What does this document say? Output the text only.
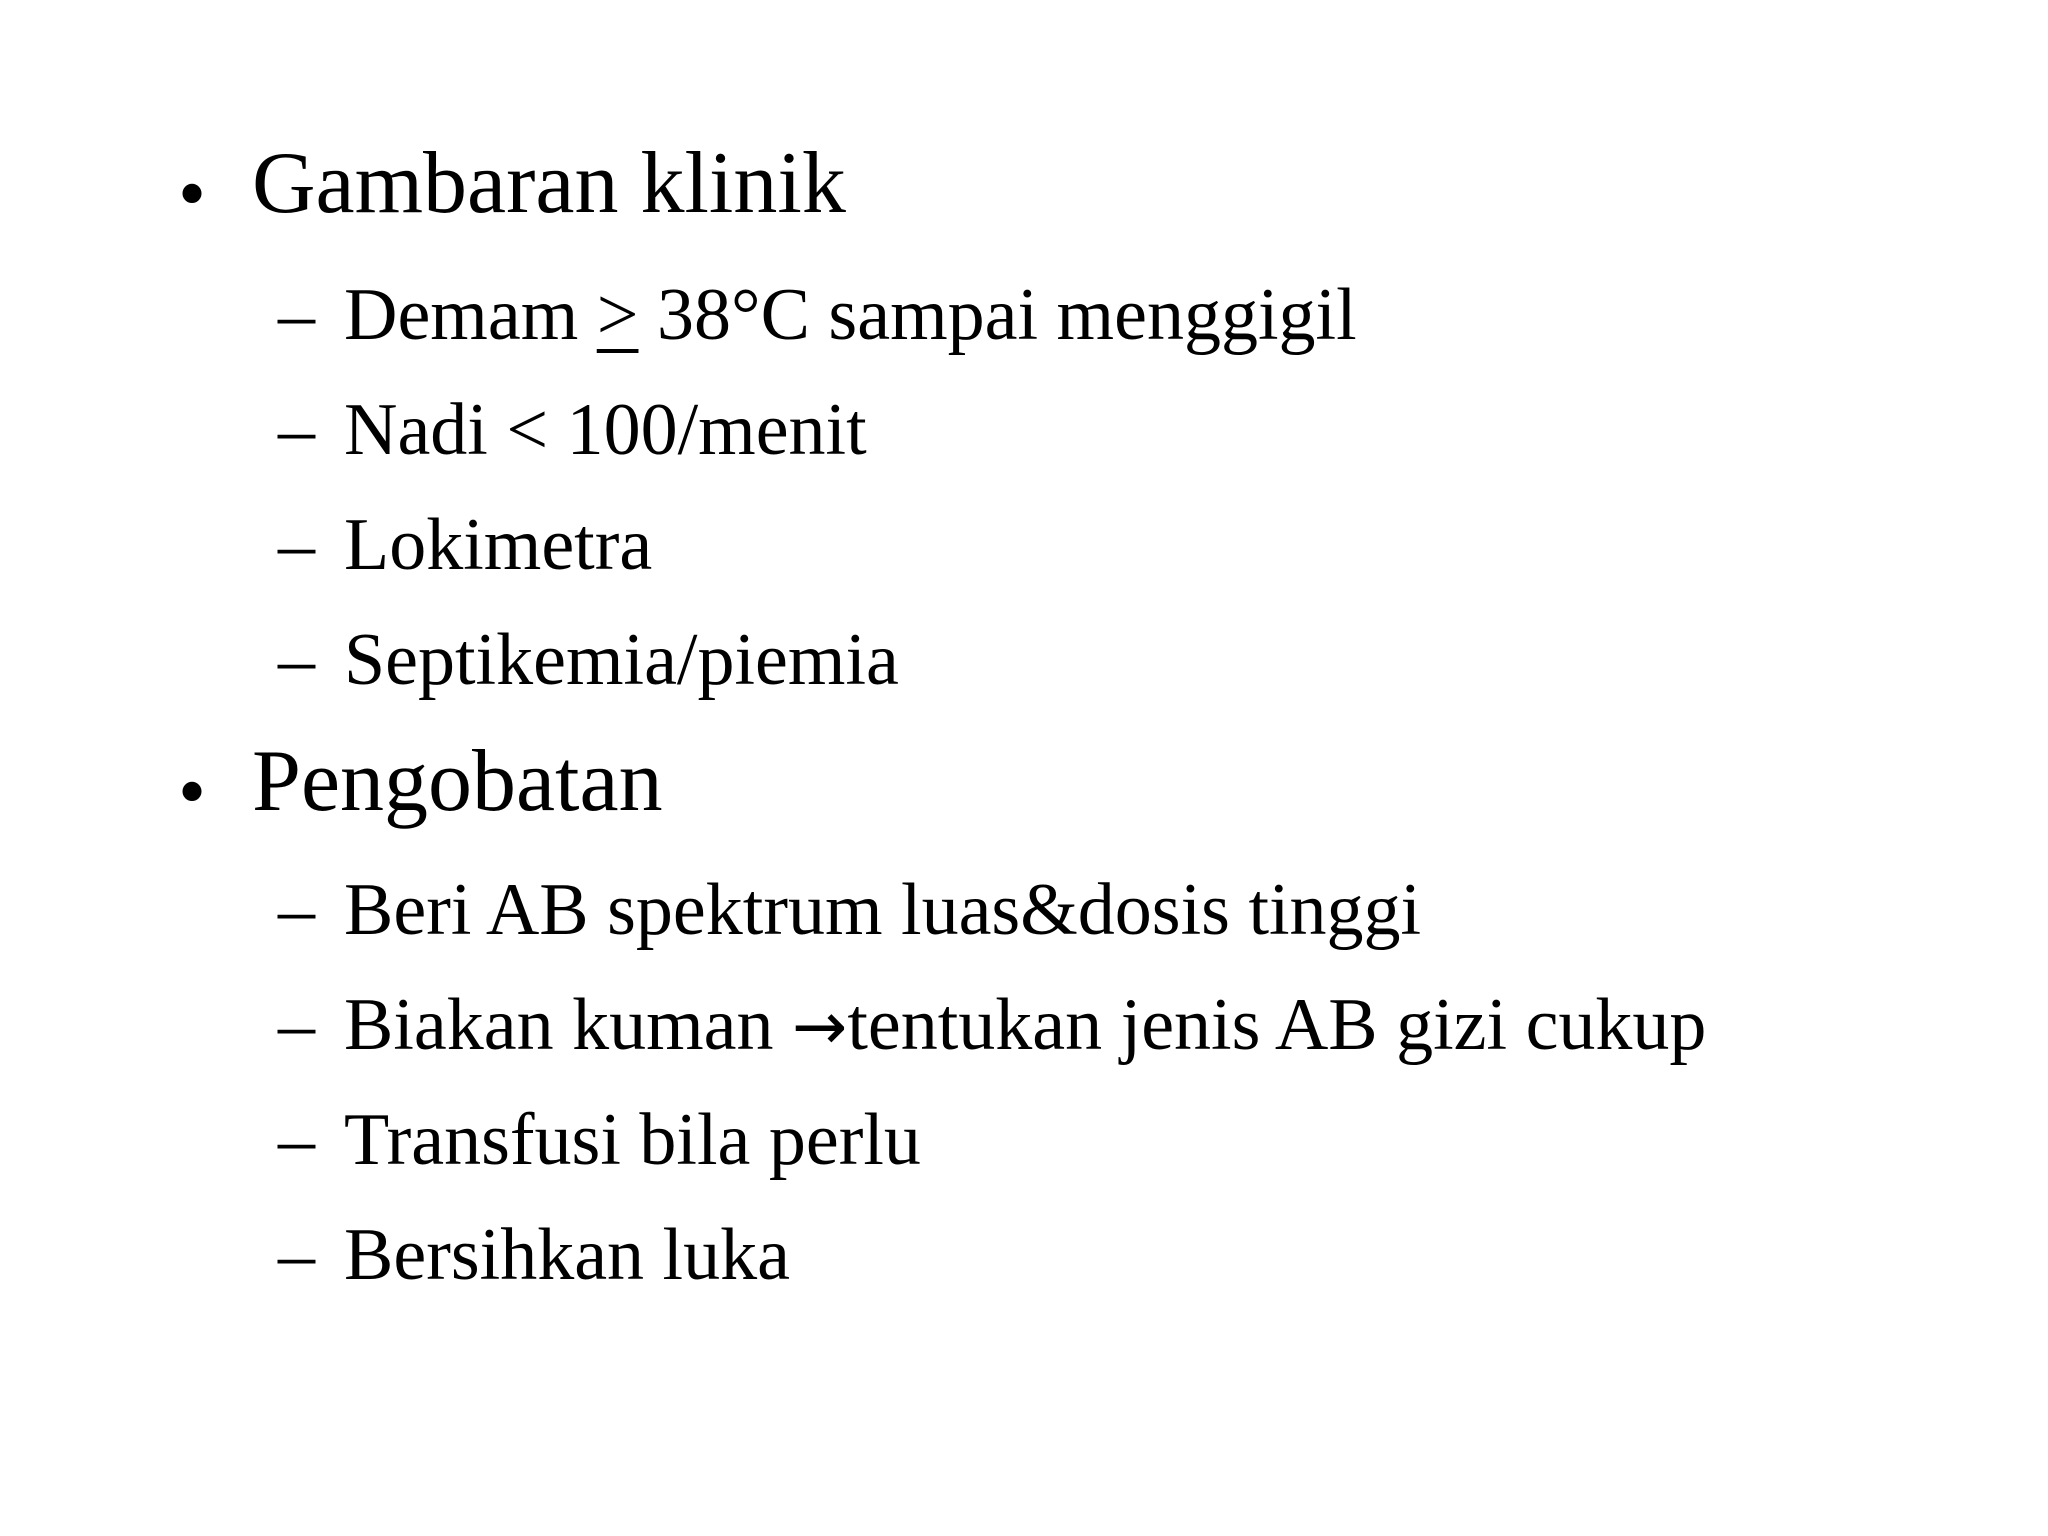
• Gambaran klinik
– Demam ≥ 38°C sampai menggigil
– Nadi < 100/menit
– Lokimetra
– Septikemia/piemia
• Pengobatan
– Beri AB spektrum luas&dosis tinggi
– Biakan kuman →tentukan jenis AB gizi cukup
– Transfusi bila perlu
– Bersihkan luka
